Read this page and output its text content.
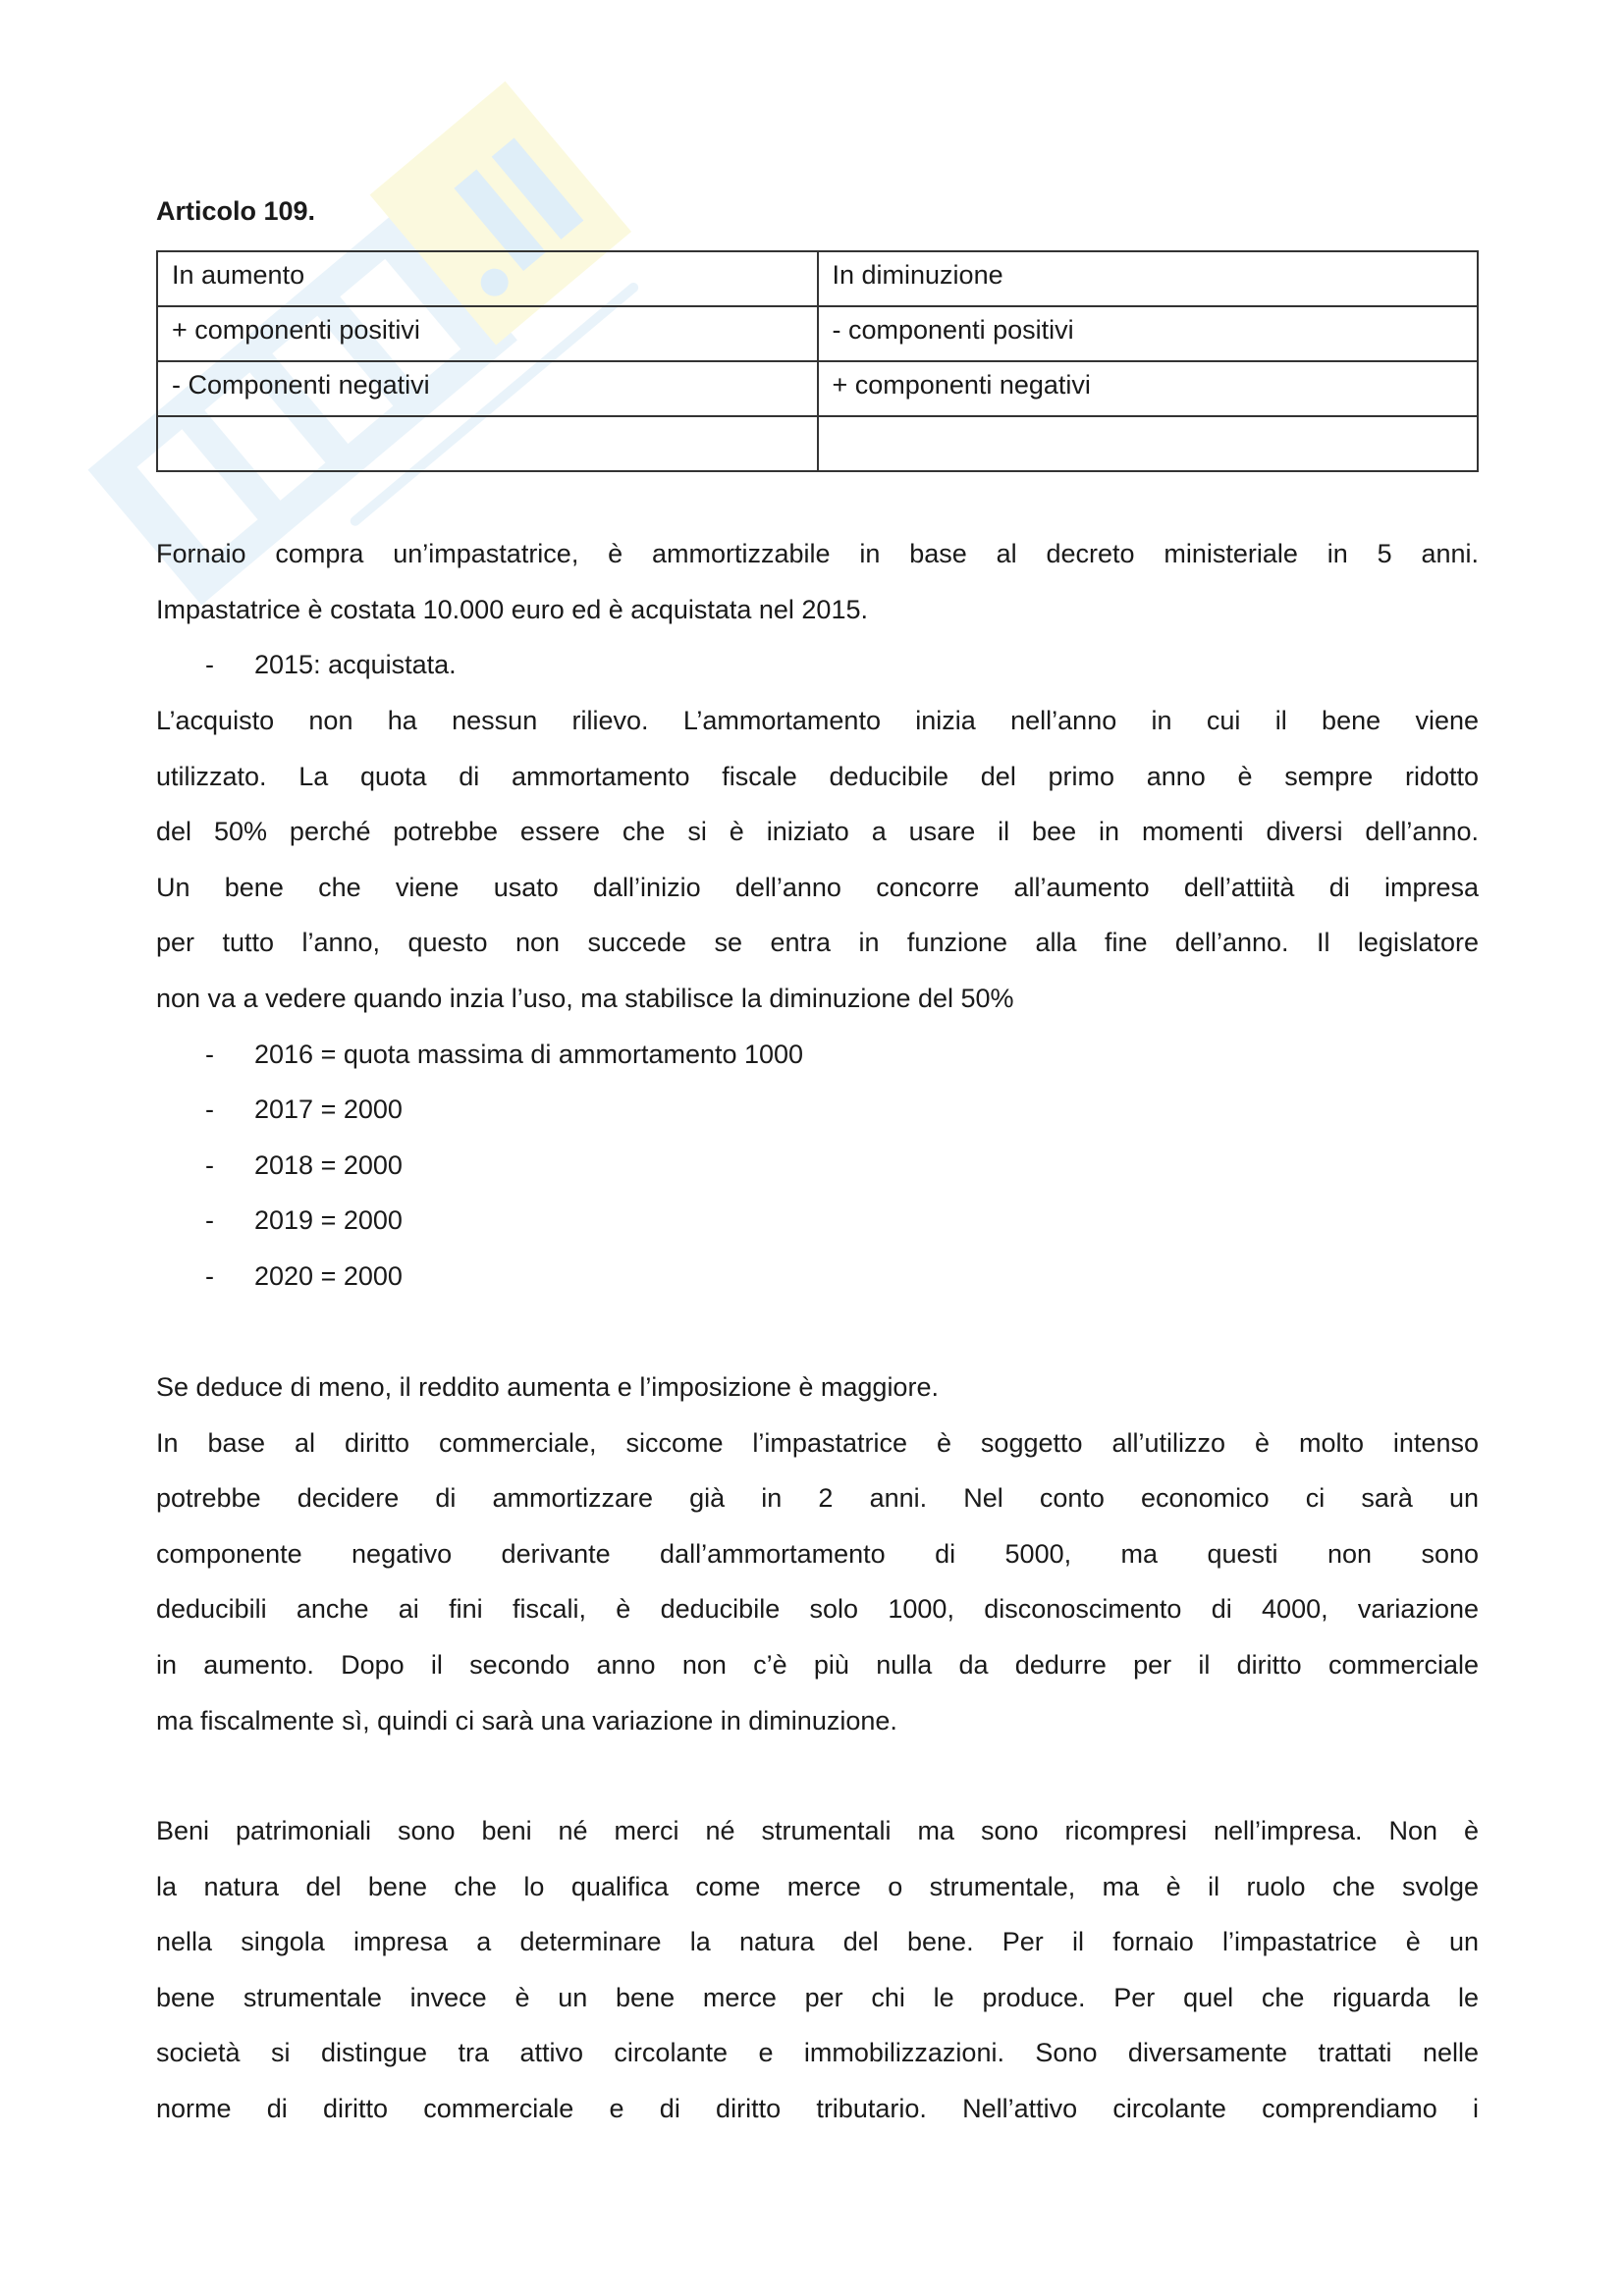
Articolo 109.
In aumento	In diminuzione
+ componenti positivi	- componenti positivi
- Componenti negativi	+ componenti negativi

Fornaio compra un’impastatrice, è ammortizzabile in base al decreto ministeriale in 5 anni.
Impastatrice è costata 10.000 euro ed è acquistata nel 2015.
- 2015: acquistata.
L’acquisto non ha nessun rilievo. L’ammortamento inizia nell’anno in cui il bene viene
utilizzato. La quota di ammortamento fiscale deducibile del primo anno è sempre ridotto
del 50% perché potrebbe essere che si è iniziato a usare il bee in momenti diversi dell’anno.
Un bene che viene usato dall’inizio dell’anno concorre all’aumento dell’attiità di impresa
per tutto l’anno, questo non succede se entra in funzione alla fine dell’anno. Il legislatore
non va a vedere quando inzia l’uso, ma stabilisce la diminuzione del 50%
- 2016 = quota massima di ammortamento 1000
- 2017 = 2000
- 2018 = 2000
- 2019 = 2000
- 2020 = 2000
Se deduce di meno, il reddito aumenta e l’imposizione è maggiore.
In base al diritto commerciale, siccome l’impastatrice è soggetto all’utilizzo è molto intenso
potrebbe decidere di ammortizzare già in 2 anni. Nel conto economico ci sarà un
componente negativo derivante dall’ammortamento di 5000, ma questi non sono
deducibili anche ai fini fiscali, è deducibile solo 1000, disconoscimento di 4000, variazione
in aumento. Dopo il secondo anno non c’è più nulla da dedurre per il diritto commerciale
ma fiscalmente sì, quindi ci sarà una variazione in diminuzione.
Beni patrimoniali sono beni né merci né strumentali ma sono ricompresi nell’impresa. Non è
la natura del bene che lo qualifica come merce o strumentale, ma è il ruolo che svolge
nella singola impresa a determinare la natura del bene. Per il fornaio l’impastatrice è un
bene strumentale invece è un bene merce per chi le produce. Per quel che riguarda le
società si distingue tra attivo circolante e immobilizzazioni. Sono diversamente trattati nelle
norme di diritto commerciale e di diritto tributario. Nell’attivo circolante comprendiamo i
